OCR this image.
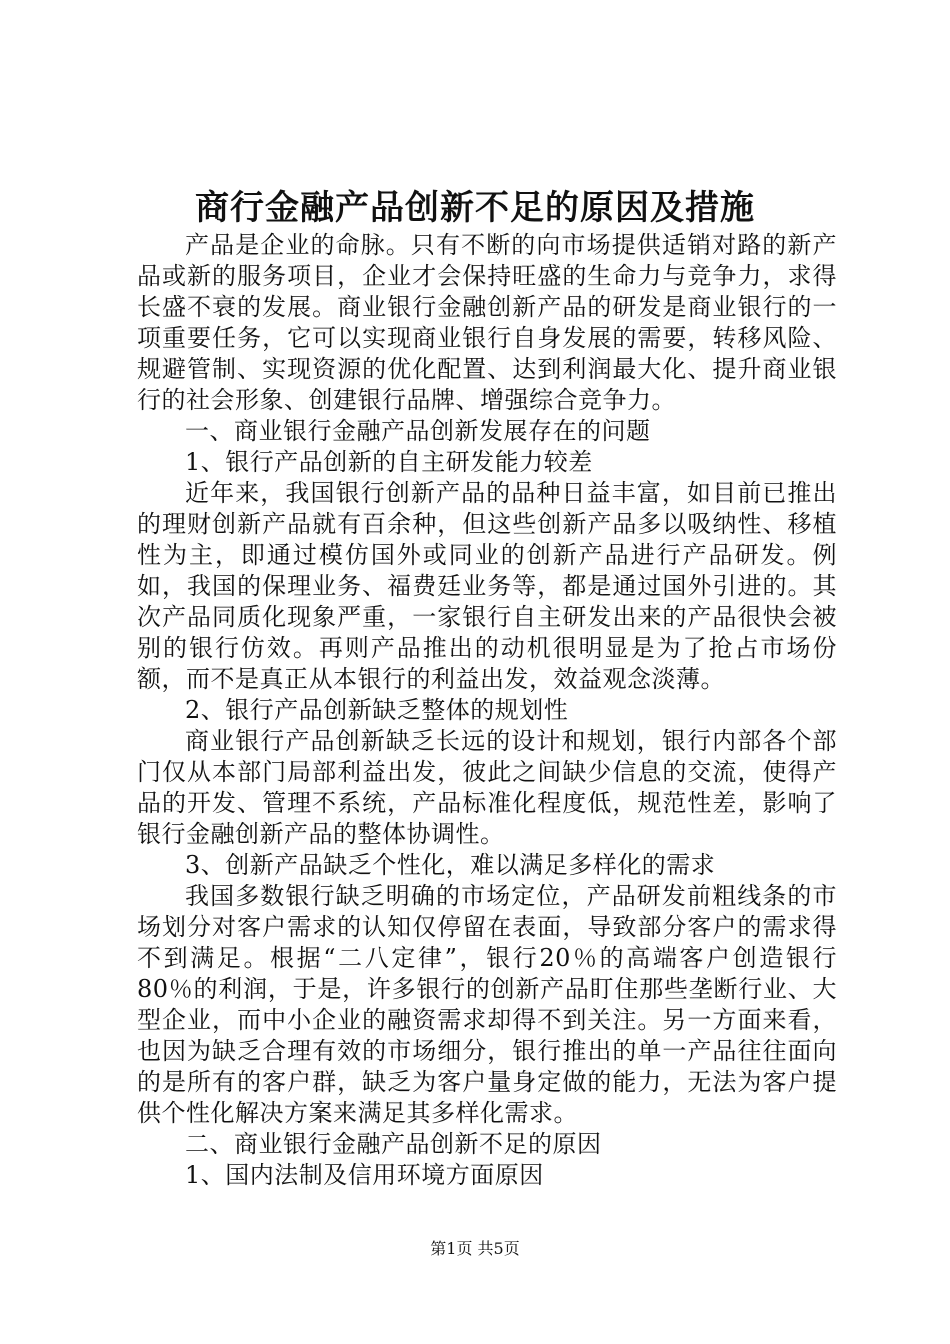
商行金融产品创新不足的原因及措施

产品是企业的命脉。只有不断的向市场提供适销对路的新产品或新的服务项目，企业才会保持旺盛的生命力与竞争力，求得长盛不衰的发展。商业银行金融创新产品的研发是商业银行的一项重要任务，它可以实现商业银行自身发展的需要，转移风险、规避管制、实现资源的优化配置、达到利润最大化、提升商业银行的社会形象、创建银行品牌、增强综合竞争力。

一、商业银行金融产品创新发展存在的问题

1、银行产品创新的自主研发能力较差

近年来，我国银行创新产品的品种日益丰富，如目前已推出的理财创新产品就有百余种，但这些创新产品多以吸纳性、移植性为主，即通过模仿国外或同业的创新产品进行产品研发。例如，我国的保理业务、福费廷业务等，都是通过国外引进的。其次产品同质化现象严重，一家银行自主研发出来的产品很快会被别的银行仿效。再则产品推出的动机很明显是为了抢占市场份额，而不是真正从本银行的利益出发，效益观念淡薄。

2、银行产品创新缺乏整体的规划性

商业银行产品创新缺乏长远的设计和规划，银行内部各个部门仅从本部门局部利益出发，彼此之间缺少信息的交流，使得产品的开发、管理不系统，产品标准化程度低，规范性差，影响了银行金融创新产品的整体协调性。

3、创新产品缺乏个性化，难以满足多样化的需求

我国多数银行缺乏明确的市场定位，产品研发前粗线条的市场划分对客户需求的认知仅停留在表面，导致部分客户的需求得不到满足。根据“二八定律”，银行20％的高端客户创造银行80％的利润，于是，许多银行的创新产品盯住那些垄断行业、大型企业，而中小企业的融资需求却得不到关注。另一方面来看，也因为缺乏合理有效的市场细分，银行推出的单一产品往往面向的是所有的客户群，缺乏为客户量身定做的能力，无法为客户提供个性化解决方案来满足其多样化需求。

二、商业银行金融产品创新不足的原因

1、国内法制及信用环境方面原因

第1页 共5页
